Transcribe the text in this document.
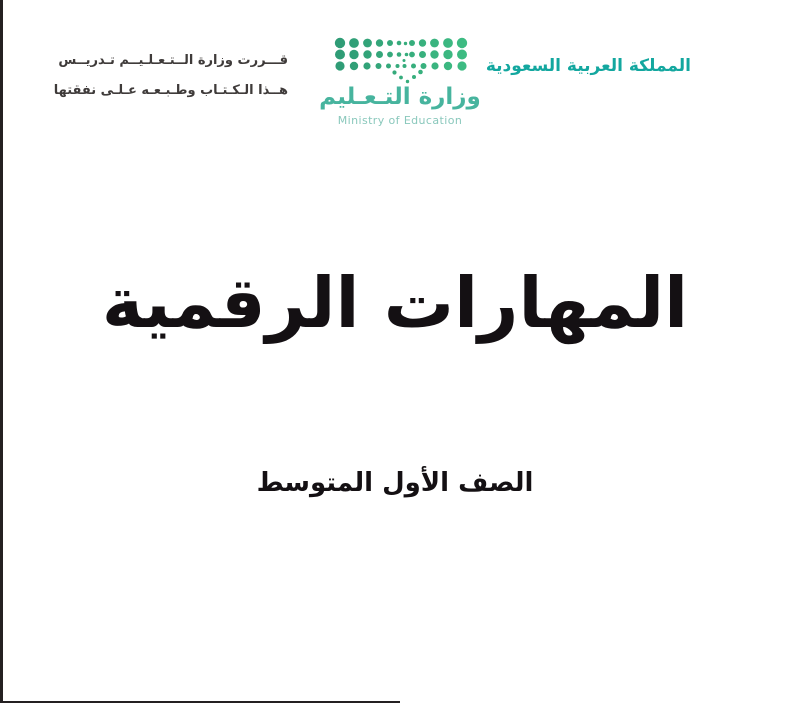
قـــررت وزارة الــتـعـلـيــم تـدريــس
هــذا الـكـتـاب وطـبـعـه عـلـى نفقتها	وزارة التـعـليم
Ministry of Education
المملكة العربية السعودية
المهارات الرقمية
الصف الأول المتوسط
